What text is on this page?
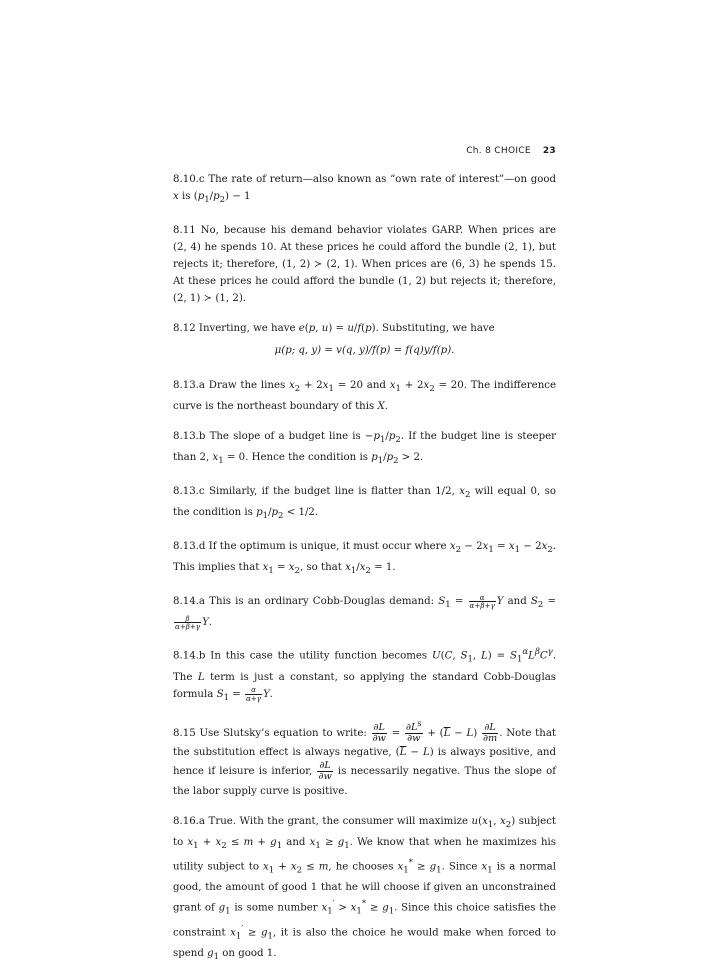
Ch. 8 CHOICE 23

8.10.c The rate of return—also known as “own rate of interest”—on good x is $(p_1/p_2) - 1$

8.11 No, because his demand behavior violates GARP. When prices are (2, 4) he spends 10. At these prices he could afford the bundle (2, 1), but rejects it; therefore, (1, 2) ≻ (2, 1). When prices are (6, 3) he spends 15. At these prices he could afford the bundle (1, 2) but rejects it; therefore, (2, 1) ≻ (1, 2).

8.12 Inverting, we have e(p, u) = u/f(p). Substituting, we have

μ(p; q, y) = v(q, y)/f(p) = f(q)y/f(p).

8.13.a Draw the lines $x_2 + 2x_1 = 20$ and $x_1 + 2x_2 = 20$. The indifference curve is the northeast boundary of this X.

8.13.b The slope of a budget line is $-p_1/p_2$. If the budget line is steeper than 2, $x_1 = 0$. Hence the condition is $p_1/p_2 > 2$.

8.13.c Similarly, if the budget line is flatter than 1/2, $x_2$ will equal 0, so the condition is $p_1/p_2 < 1/2$.

8.13.d If the optimum is unique, it must occur where $x_2 - 2x_1 = x_1 - 2x_2$. This implies that $x_1 = x_2$, so that $x_1/x_2 = 1$.

8.14.a This is an ordinary Cobb-Douglas demand: $S_1 = \frac{\alpha}{\alpha+\beta+\gamma}$ Y and $S_2$ =
$\frac{\beta}{\alpha+\beta+\gamma} Y$.

8.14.b In this case the utility function becomes U(C, $S_1$, $L) = S_1^\alpha L^\beta C^\gamma$. The L term is just a constant, so applying the standard Cobb-Douglas formula $S_1 = \frac{\alpha}{\alpha+\gamma} Y$.

8.15 Use Slutsky’s equation to write: $\frac{\partial L}{\partial w} = \frac{\partial L^s}{\partial w} + (\overline{L} - L) \frac{\partial L}{\partial m}$ . Note that the substitution effect is always negative, $(\overline{L} - L)$ is always positive, and hence if leisure is inferior, $\frac{\partial L}{\partial w}$ is necessarily negative. Thus the slope of the labor supply curve is positive.

8.16.a True. With the grant, the consumer will maximize $u(x_1$, $x_2$) subject to $x_1 + x_2 \le m + g_1$ and $x_1 \ge g_1$. We know that when he maximizes his utility subject to $x_1 + x_2 \le m$, he chooses $x_1^* \ge g_1$. Since $x_1$ is a normal good, the amount of good 1 that he will choose if given an unconstrained grant of $g_1$ is some number $x_1' > x_1^* \ge g_1$. Since this choice satisfies the constraint $x_1' \ge g_1$, it is also the choice he would make when forced to spend $g_1$ on good 1.
